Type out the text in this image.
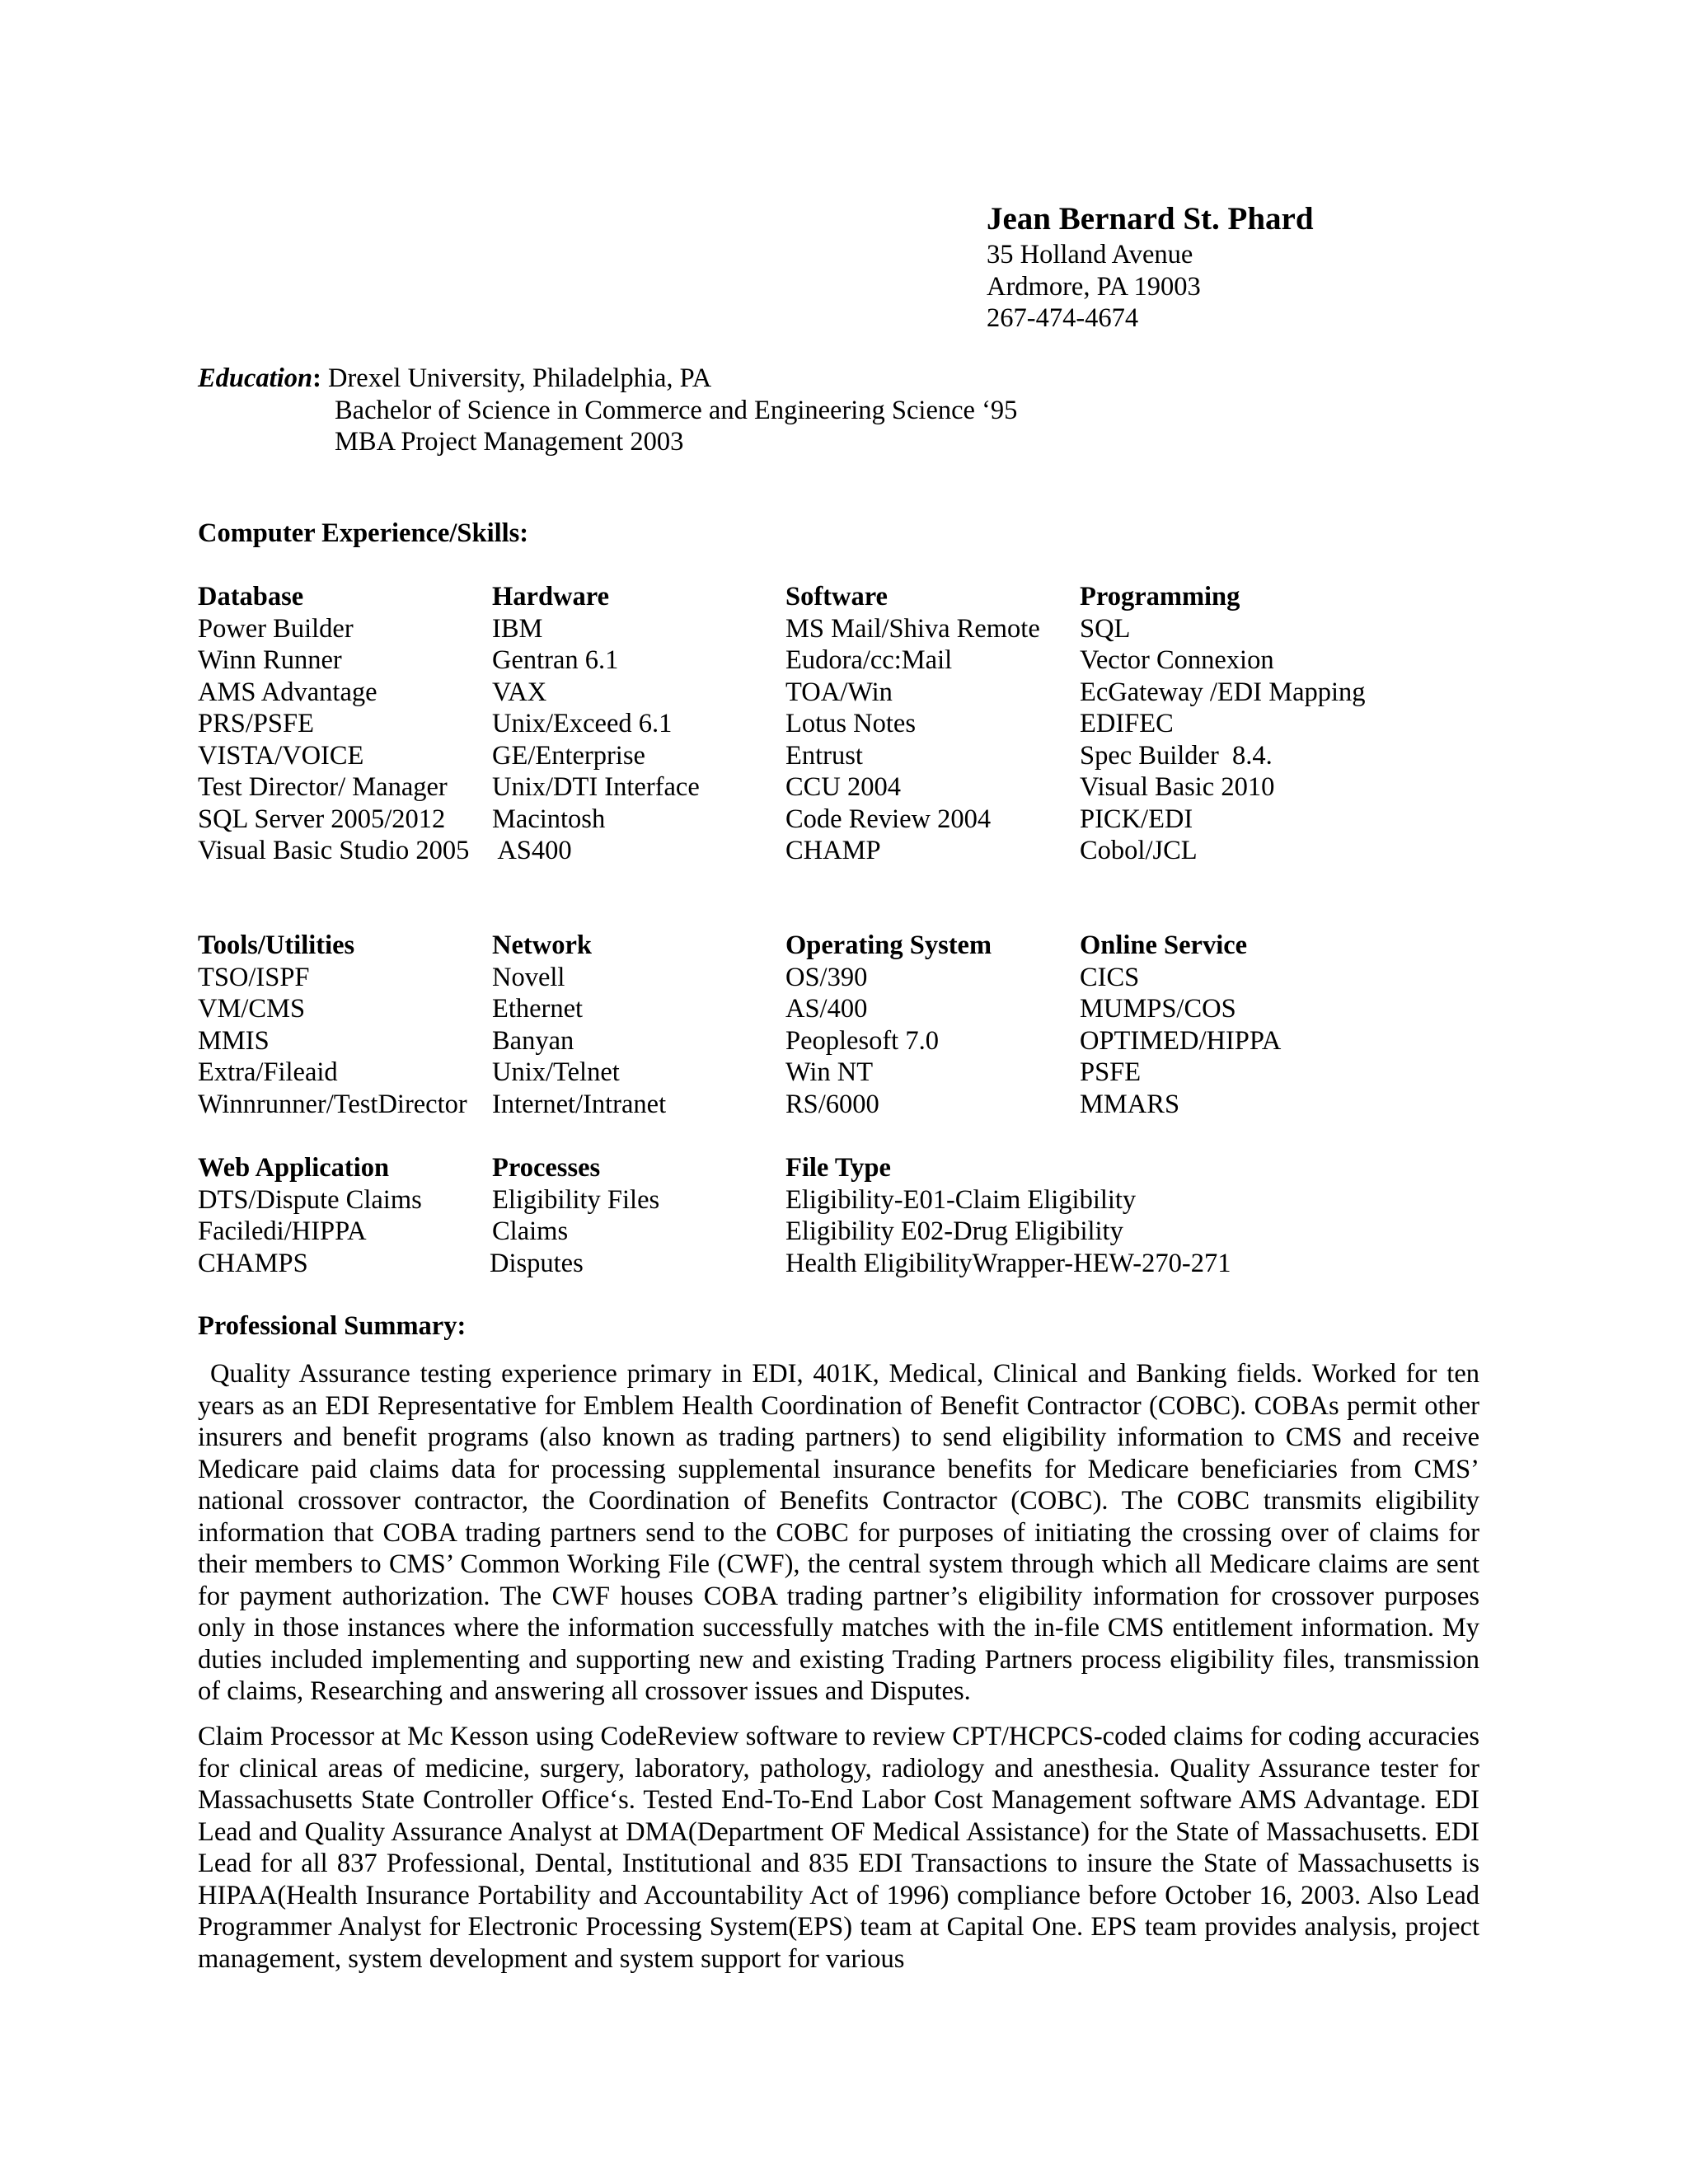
Jean Bernard St. Phard
35 Holland Avenue
Ardmore, PA 19003
267-474-4674
Education: Drexel University, Philadelphia, PA
Bachelor of Science in Commerce and Engineering Science ‘95
MBA Project Management 2003
Computer Experience/Skills:
Database
Power Builder
Winn Runner
AMS Advantage
PRS/PSFE
VISTA/VOICE
Test Director/ Manager
SQL Server 2005/2012
Visual Basic Studio 2005
Hardware
IBM
Gentran 6.1
VAX
Unix/Exceed 6.1
GE/Enterprise
Unix/DTI Interface
Macintosh
AS400
Software
MS Mail/Shiva Remote
Eudora/cc:Mail
TOA/Win
Lotus Notes
Entrust
CCU 2004
Code Review 2004
CHAMP
Programming
SQL
Vector Connexion
EcGateway /EDI Mapping
EDIFEC
Spec Builder  8.4.
Visual Basic 2010
PICK/EDI
Cobol/JCL
Tools/Utilities
TSO/ISPF
VM/CMS
MMIS
Extra/Fileaid
Winnrunner/TestDirector
Network
Novell
Ethernet
Banyan
Unix/Telnet
Internet/Intranet
Operating System
OS/390
AS/400
Peoplesoft 7.0
Win NT
RS/6000
Online Service
CICS
MUMPS/COS
OPTIMED/HIPPA
PSFE
MMARS
Web Application
DTS/Dispute Claims
Faciledi/HIPPA
CHAMPS
Processes
Eligibility Files
Claims
Disputes
File Type
Eligibility-E01-Claim Eligibility
Eligibility E02-Drug Eligibility
Health EligibilityWrapper-HEW-270-271
Professional Summary:
Quality Assurance testing experience primary in EDI, 401K, Medical, Clinical and Banking fields. Worked for ten years as an EDI Representative for Emblem Health Coordination of Benefit Contractor (COBC). COBAs permit other insurers and benefit programs (also known as trading partners) to send eligibility information to CMS and receive Medicare paid claims data for processing supplemental insurance benefits for Medicare beneficiaries from CMS’ national crossover contractor, the Coordination of Benefits Contractor (COBC). The COBC transmits eligibility information that COBA trading partners send to the COBC for purposes of initiating the crossing over of claims for their members to CMS’ Common Working File (CWF), the central system through which all Medicare claims are sent for payment authorization. The CWF houses COBA trading partner’s eligibility information for crossover purposes only in those instances where the information successfully matches with the in-file CMS entitlement information. My duties included implementing and supporting new and existing Trading Partners process eligibility files, transmission of claims, Researching and answering all crossover issues and Disputes.
Claim Processor at Mc Kesson using CodeReview software to review CPT/HCPCS-coded claims for coding accuracies for clinical areas of medicine, surgery, laboratory, pathology, radiology and anesthesia. Quality Assurance tester for Massachusetts State Controller Office‘s. Tested End-To-End Labor Cost Management software AMS Advantage. EDI Lead and Quality Assurance Analyst at DMA(Department OF Medical Assistance) for the State of Massachusetts. EDI Lead for all 837 Professional, Dental, Institutional and 835 EDI Transactions to insure the State of Massachusetts is HIPAA(Health Insurance Portability and Accountability Act of 1996) compliance before October 16, 2003. Also Lead Programmer Analyst for Electronic Processing System(EPS) team at Capital One. EPS team provides analysis, project management, system development and system support for various
